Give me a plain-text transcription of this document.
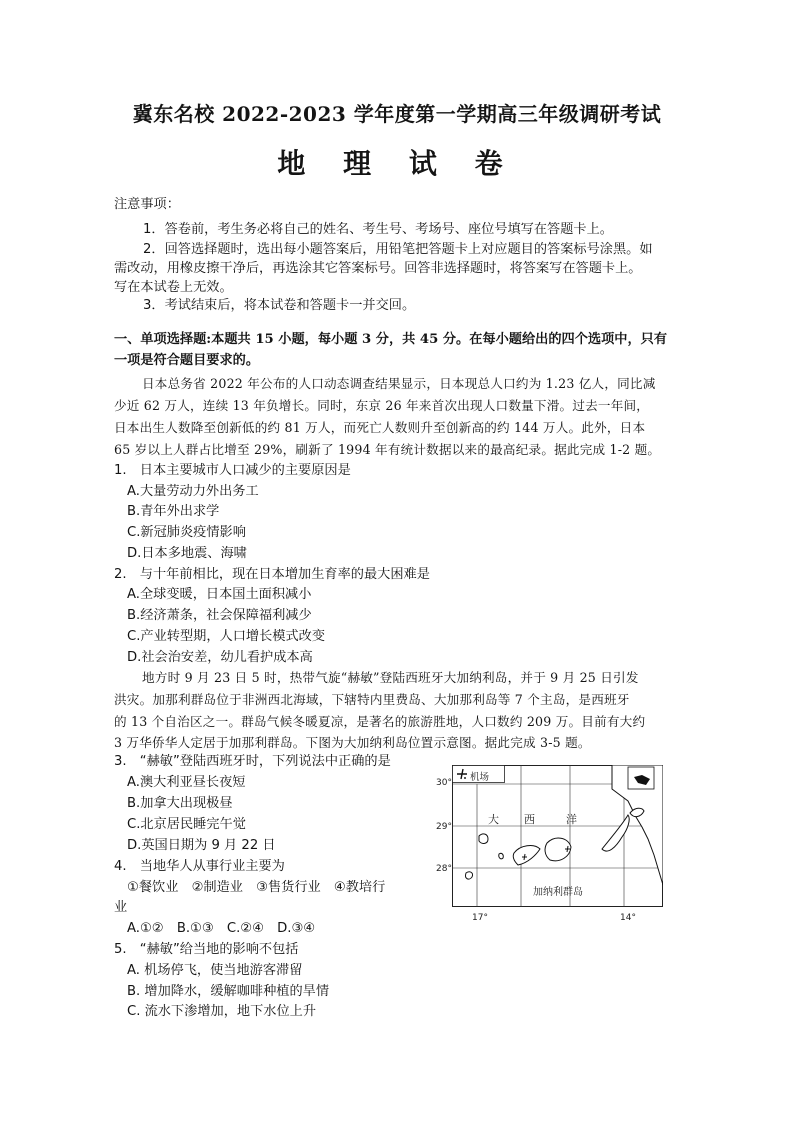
冀东名校 2022-2023 学年度第一学期高三年级调研考试
地 理 试 卷
注意事项：
1．答卷前，考生务必将自己的姓名、考生号、考场号、座位号填写在答题卡上。
2．回答选择题时，选出每小题答案后，用铅笔把答题卡上对应题目的答案标号涂黑。如
需改动，用橡皮擦干净后，再选涂其它答案标号。回答非选择题时，将答案写在答题卡上。
写在本试卷上无效。
3．考试结束后，将本试卷和答题卡一并交回。
一、单项选择题:本题共 15 小题，每小题 3 分，共 45 分。在每小题给出的四个选项中，只有
一项是符合题目要求的。
日本总务省 2022 年公布的人口动态调查结果显示，日本现总人口约为 1.23 亿人，同比减
少近 62 万人，连续 13 年负增长。同时，东京 26 年来首次出现人口数量下滑。过去一年间，
日本出生人数降至创新低的约 81 万人，而死亡人数则升至创新高的约 144 万人。此外，日本
65 岁以上人群占比增至 29%，刷新了 1994 年有统计数据以来的最高纪录。据此完成 1-2 题。
1.　日本主要城市人口减少的主要原因是
A.大量劳动力外出务工
B.青年外出求学
C.新冠肺炎疫情影响
D.日本多地震、海啸
2.　与十年前相比，现在日本增加生育率的最大困难是
A.全球变暖，日本国土面积减小
B.经济萧条，社会保障福利减少
C.产业转型期，人口增长模式改变
D.社会治安差，幼儿看护成本高
地方时 9 月 23 日 5 时，热带气旋“赫敏”登陆西班牙大加纳利岛，并于 9 月 25 日引发
洪灾。加那利群岛位于非洲西北海域，下辖特内里费岛、大加那利岛等 7 个主岛，是西班牙
的 13 个自治区之一。群岛气候冬暖夏凉，是著名的旅游胜地，人口数约 209 万。目前有大约
3 万华侨华人定居于加那利群岛。下图为大加纳利岛位置示意图。据此完成 3-5 题。
3.　“赫敏”登陆西班牙时，下列说法中正确的是
A.澳大利亚昼长夜短
B.加拿大出现极昼
C.北京居民睡完午觉
D.英国日期为 9 月 22 日
4.　当地华人从事行业主要为
①餐饮业　②制造业　③售货行业　④教培行
业
A.①②　B.①③　C.②④　D.③④
5.　“赫敏”给当地的影响不包括
A. 机场停飞，使当地游客滞留
B. 增加降水，缓解咖啡种植的旱情
C. 流水下渗增加，地下水位上升
30°
29°
28°
17°	14°
机场
大 西	洋
加纳利群岛
